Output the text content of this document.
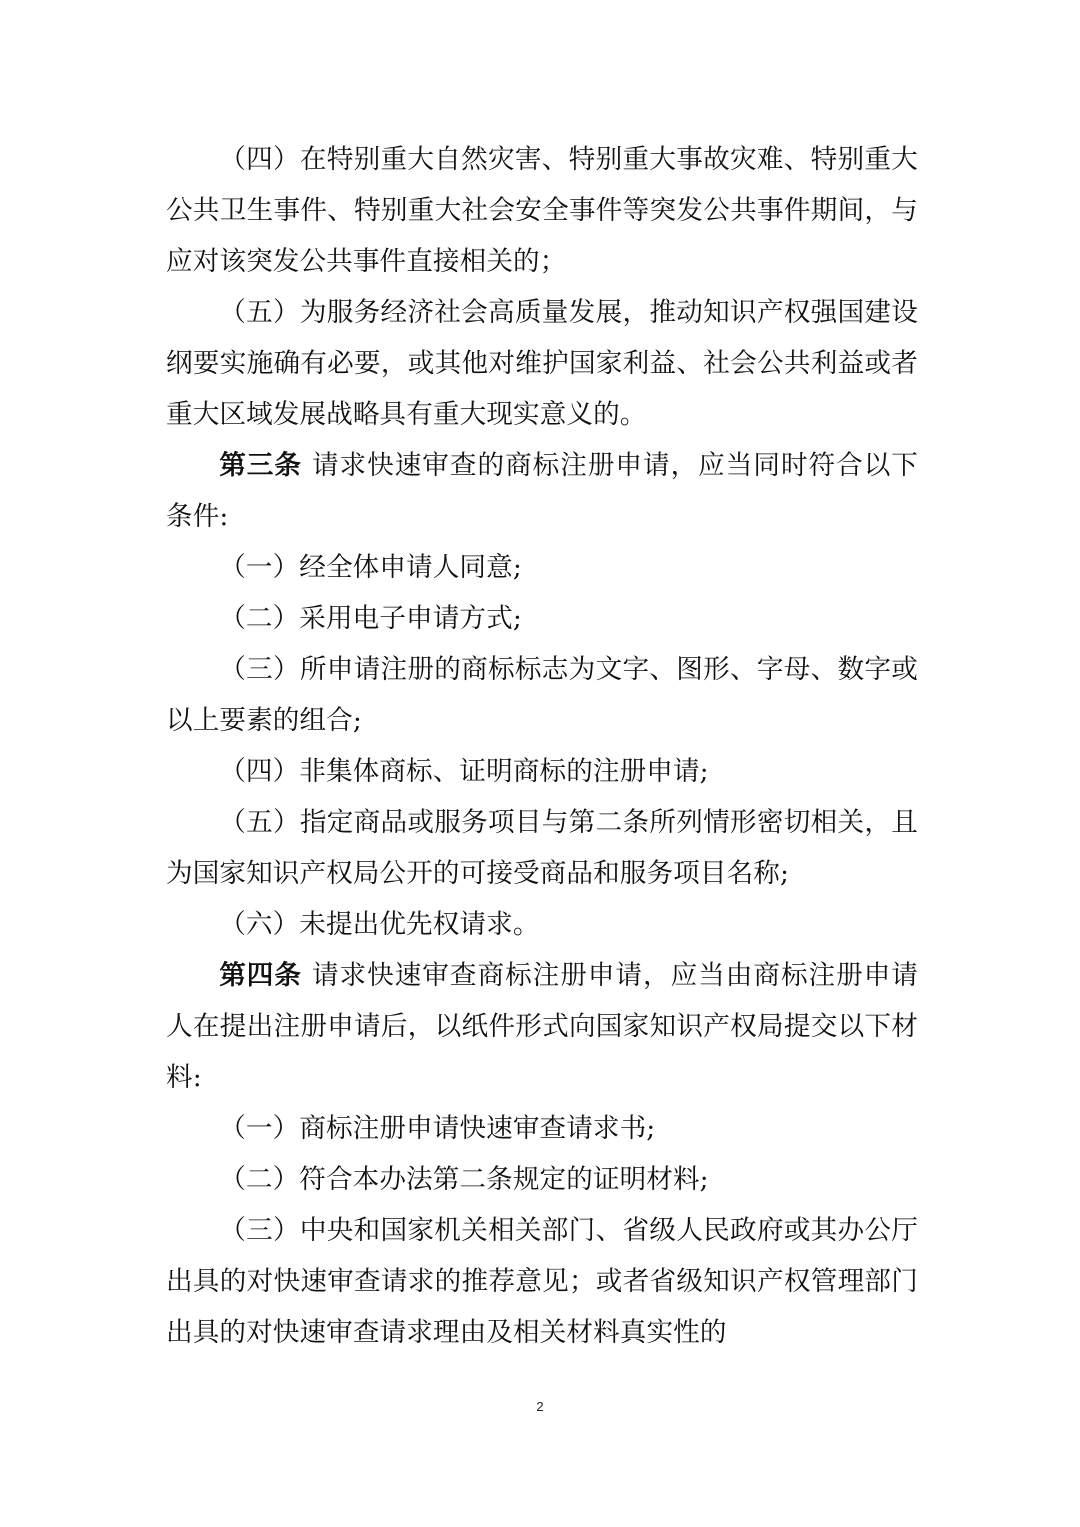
（四）在特别重大自然灾害、特别重大事故灾难、特别重大公共卫生事件、特别重大社会安全事件等突发公共事件期间，与应对该突发公共事件直接相关的；

（五）为服务经济社会高质量发展，推动知识产权强国建设纲要实施确有必要，或其他对维护国家利益、社会公共利益或者重大区域发展战略具有重大现实意义的。

第三条 请求快速审查的商标注册申请，应当同时符合以下条件:

（一）经全体申请人同意;

（二）采用电子申请方式;

（三）所申请注册的商标标志为文字、图形、字母、数字或以上要素的组合;

（四）非集体商标、证明商标的注册申请;

（五）指定商品或服务项目与第二条所列情形密切相关，且为国家知识产权局公开的可接受商品和服务项目名称;

（六）未提出优先权请求。

第四条 请求快速审查商标注册申请，应当由商标注册申请人在提出注册申请后，以纸件形式向国家知识产权局提交以下材料:

（一）商标注册申请快速审查请求书;

（二）符合本办法第二条规定的证明材料;

（三）中央和国家机关相关部门、省级人民政府或其办公厅出具的对快速审查请求的推荐意见；或者省级知识产权管理部门出具的对快速审查请求理由及相关材料真实性的

2
